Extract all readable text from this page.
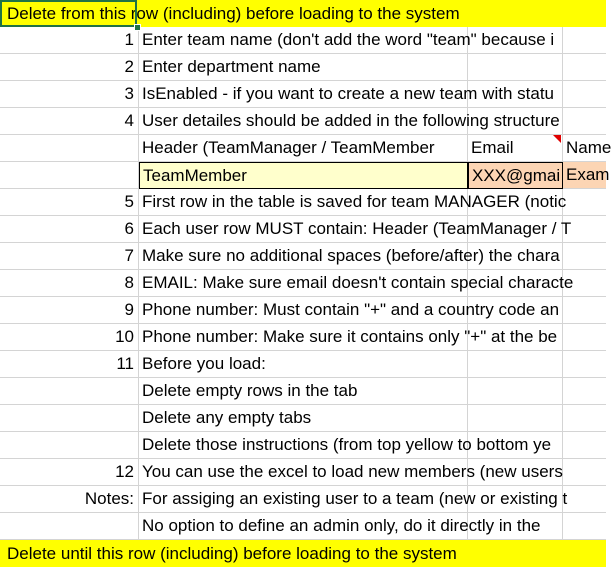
Delete from this row (including) before loading to the system
1 Enter team name (don't add the word "team" because i
2 Enter department name
3 IsEnabled - if you want to create a new team with statu
4 User detailes should be added in the following structure
Header (TeamManager / TeamMember	Email	Name
TeamMember	XXX@gmai Exam
5 First row in the table is saved for team MANAGER (notic
6 Each user row MUST contain: Header (TeamManager / T
7 Make sure no additional spaces (before/after) the chara
8 EMAIL: Make sure email doesn't contain special characte
9 Phone number: Must contain "+" and a country code an
10 Phone number: Make sure it contains only "+" at the be
11 Before you load:
Delete empty rows in the tab
Delete any empty tabs
Delete those instructions (from top yellow to bottom ye
12 You can use the excel to load new members (new users
Notes: For assiging an existing user to a team (new or existing t
No option to define an admin only, do it directly in the
Delete until this row (including) before loading to the system
